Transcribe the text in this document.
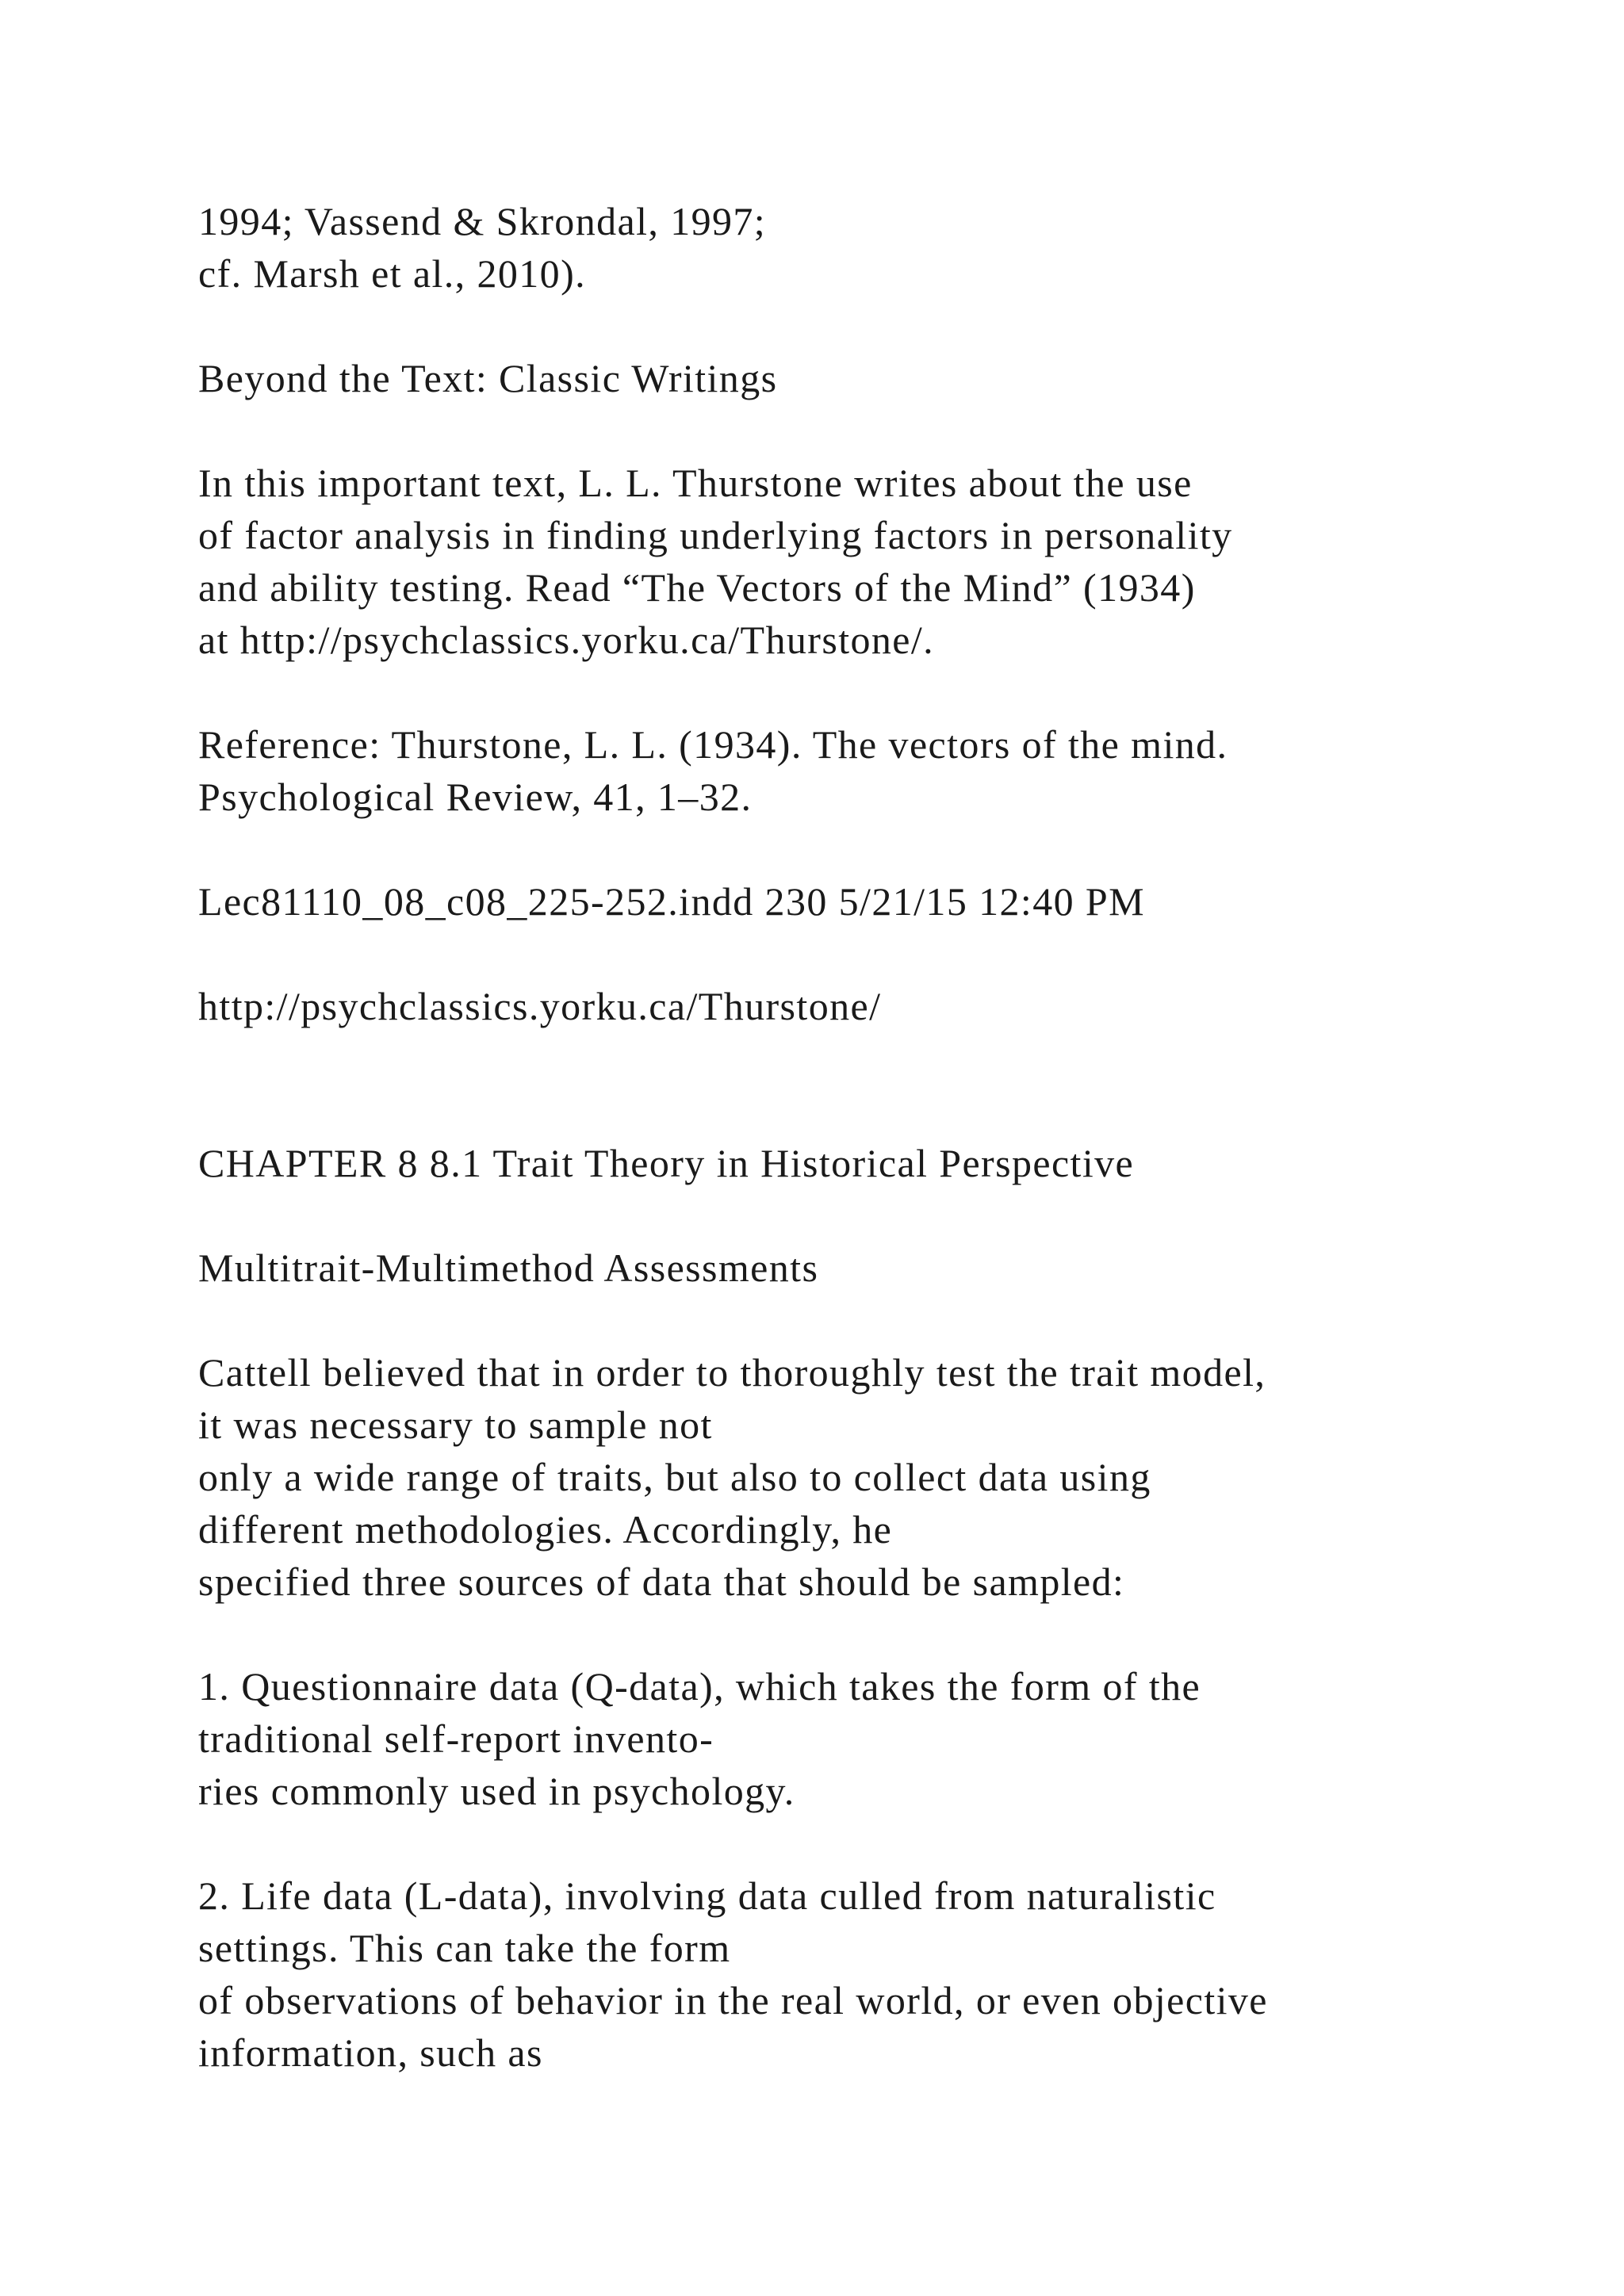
1994; Vassend & Skrondal, 1997;
cf. Marsh et al., 2010).

Beyond the Text: Classic Writings

In this important text, L. L. Thurstone writes about the use
of factor analysis in finding underlying factors in personality
and ability testing. Read “The Vectors of the Mind” (1934)
at http://psychclassics.yorku.ca/Thurstone/.

Reference: Thurstone, L. L. (1934). The vectors of the mind.
Psychological Review, 41, 1–32.

Lec81110_08_c08_225-252.indd 230 5/21/15 12:40 PM

http://psychclassics.yorku.ca/Thurstone/

CHAPTER 8 8.1 Trait Theory in Historical Perspective

Multitrait-Multimethod Assessments

Cattell believed that in order to thoroughly test the trait model,
it was necessary to sample not
only a wide range of traits, but also to collect data using
different methodologies. Accordingly, he
specified three sources of data that should be sampled:

1. Questionnaire data (Q-data), which takes the form of the
traditional self-report invento-
ries commonly used in psychology.

2. Life data (L-data), involving data culled from naturalistic
settings. This can take the form
of observations of behavior in the real world, or even objective
information, such as
